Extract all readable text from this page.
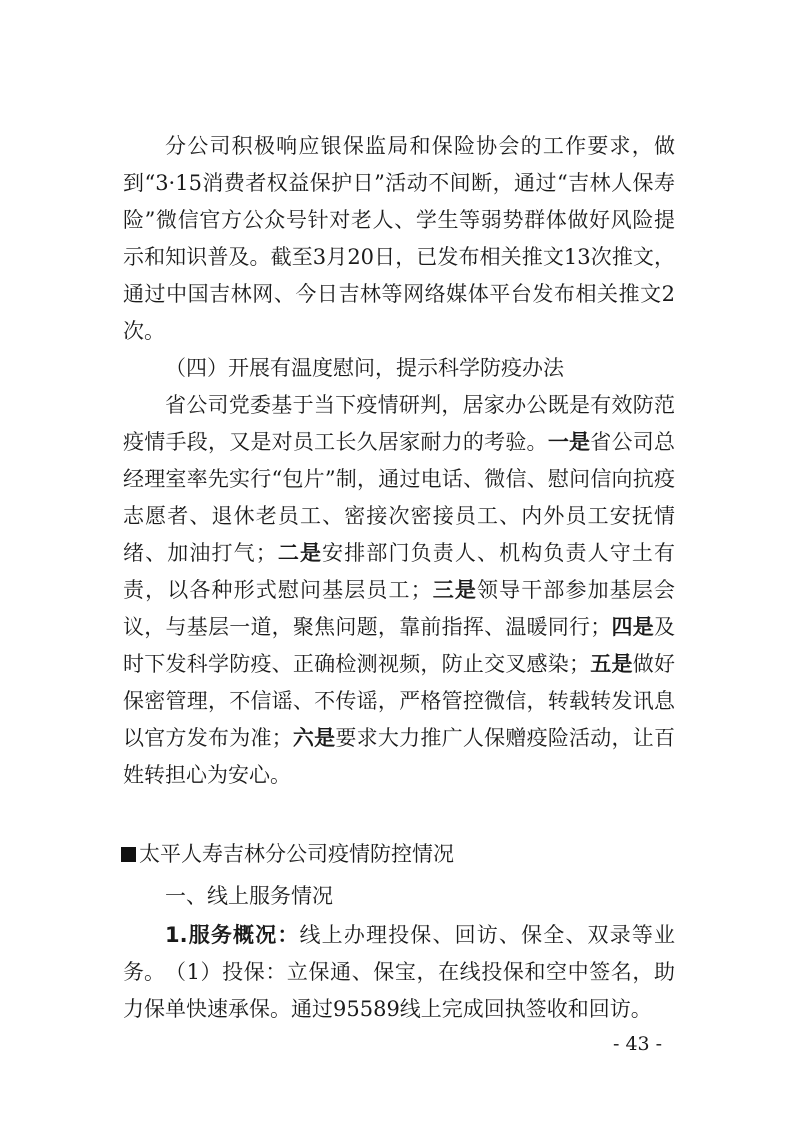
分公司积极响应银保监局和保险协会的工作要求，做到“3·15消费者权益保护日”活动不间断，通过“吉林人保寿险”微信官方公众号针对老人、学生等弱势群体做好风险提示和知识普及。截至3月20日，已发布相关推文13次推文，通过中国吉林网、今日吉林等网络媒体平台发布相关推文2次。

（四）开展有温度慰问，提示科学防疫办法

省公司党委基于当下疫情研判，居家办公既是有效防范疫情手段，又是对员工长久居家耐力的考验。一是省公司总经理室率先实行“包片”制，通过电话、微信、慰问信向抗疫志愿者、退休老员工、密接次密接员工、内外员工安抚情绪、加油打气；二是安排部门负责人、机构负责人守土有责，以各种形式慰问基层员工；三是领导干部参加基层会议，与基层一道，聚焦问题，靠前指挥、温暖同行；四是及时下发科学防疫、正确检测视频，防止交叉感染；五是做好保密管理，不信谣、不传谣，严格管控微信，转载转发讯息以官方发布为准；六是要求大力推广人保赠疫险活动，让百姓转担心为安心。

太平人寿吉林分公司疫情防控情况
一、线上服务情况

1.服务概况：线上办理投保、回访、保全、双录等业务。 （1）投保：立保通、保宝，在线投保和空中签名，助力保单快速承保。通过95589线上完成回执签收和回访。

- 43 -
